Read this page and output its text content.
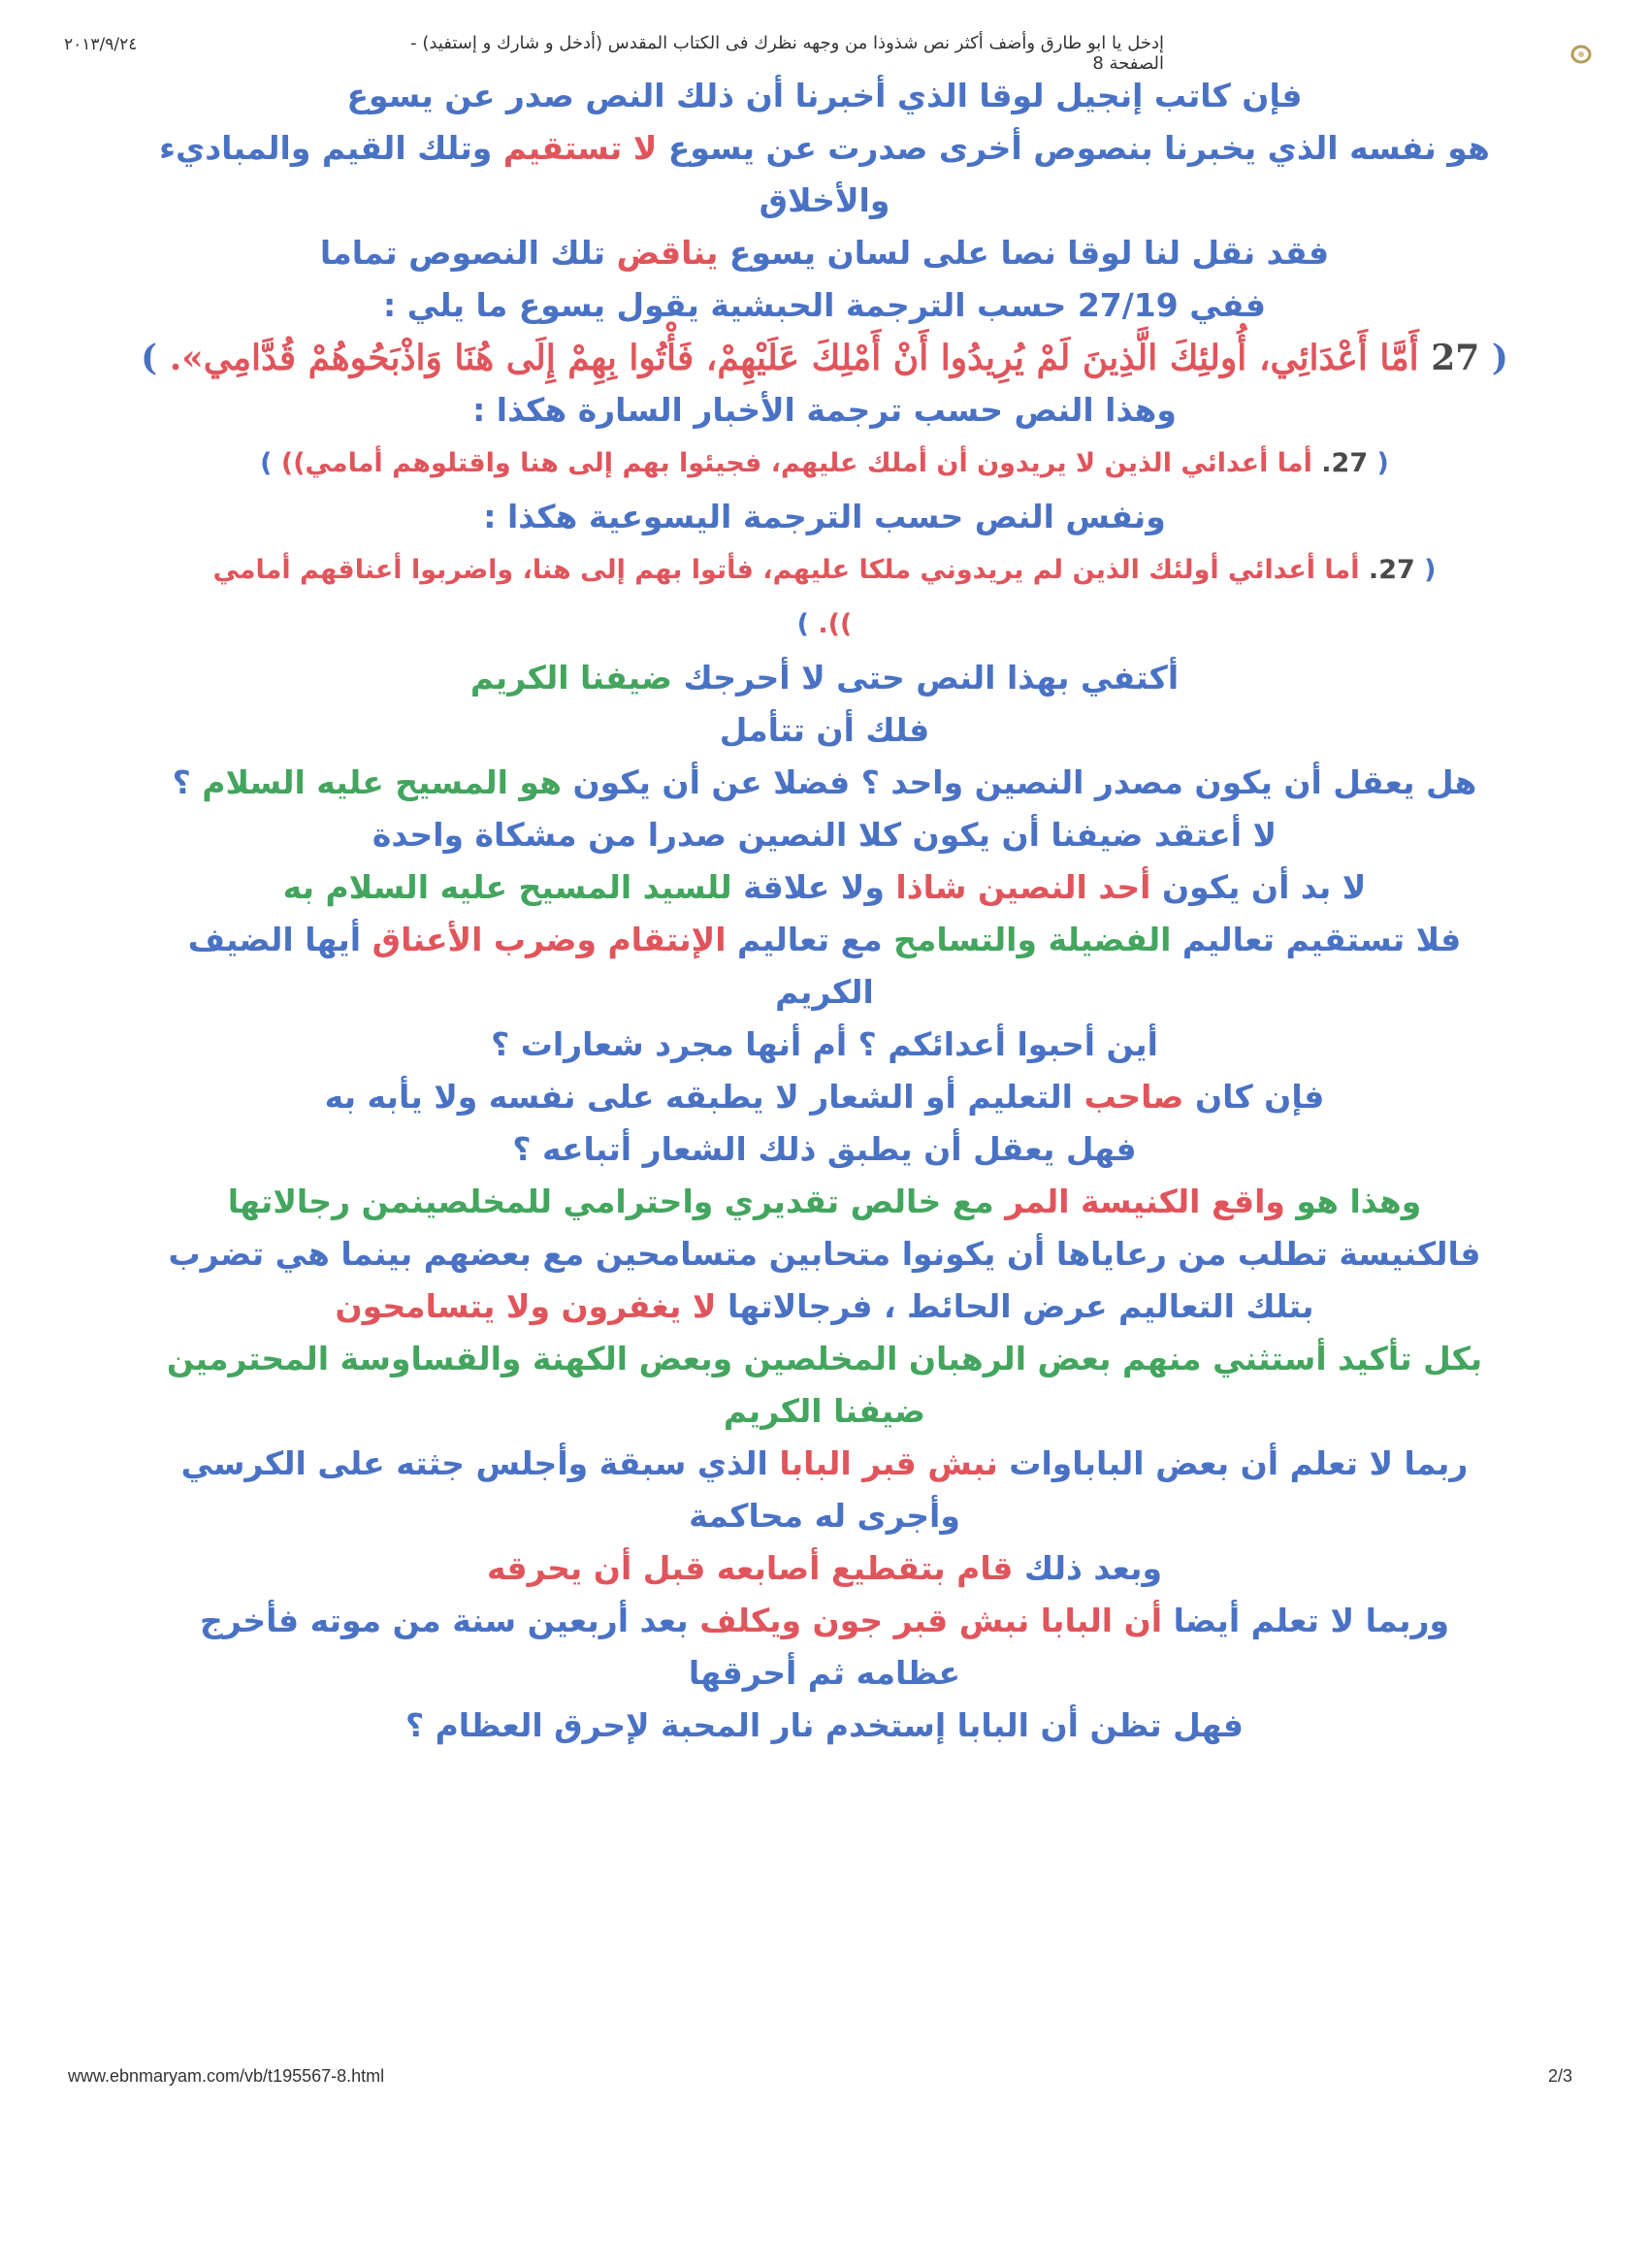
٢٠١٣/٩/٢٤	إدخل يا ابو طارق وأضف أكثر نص شذوذا من وجهه نظرك فى الكتاب المقدس (أدخل و شارك و إستفيد) - الصفحة 8
فإن كاتب إنجيل لوقا الذي أخبرنا أن ذلك النص صدر عن يسوع
هو نفسه الذي يخبرنا بنصوص أخرى صدرت عن يسوع لا تستقيم وتلك القيم والمباديء
والأخلاق
فقد نقل لنا لوقا نصا على لسان يسوع يناقض تلك النصوص تماما
ففي 27/19 حسب الترجمة الحبشية يقول يسوع ما يلي :
( 27 أَمَّا أَعْدَائِي، أُولئِكَ الَّذِينَ لَمْ يُرِيدُوا أَنْ أَمْلِكَ عَلَيْهِمْ، فَأْتُوا بِهِمْ إِلَى هُنَا وَاذْبَحُوهُمْ قُدَّامِي». )
وهذا النص حسب ترجمة الأخبار السارة هكذا :
( 27. أما أعدائي الذين لا يريدون أن أملك عليهم، فجيئوا بهم إلى هنا واقتلوهم أمامي)) )
ونفس النص حسب الترجمة اليسوعية هكذا :
( 27. أما أعدائي أولئك الذين لم يريدوني ملكا عليهم، فأتوا بهم إلى هنا، واضربوا أعناقهم أمامي
)). )
أكتفي بهذا النص حتى لا أحرجك ضيفنا الكريم
فلك أن تتأمل
هل يعقل أن يكون مصدر النصين واحد ؟ فضلا عن أن يكون هو المسيح عليه السلام ؟
لا أعتقد ضيفنا أن يكون كلا النصين صدرا من مشكاة واحدة
لا بد أن يكون أحد النصين شاذا ولا علاقة للسيد المسيح عليه السلام به
فلا تستقيم تعاليم الفضيلة والتسامح مع تعاليم الإنتقام وضرب الأعناق أيها الضيف
الكريم
أين أحبوا أعدائكم ؟ أم أنها مجرد شعارات ؟
فإن كان صاحب التعليم أو الشعار لا يطبقه على نفسه ولا يأبه به
فهل يعقل أن يطبق ذلك الشعار أتباعه ؟
وهذا هو واقع الكنيسة المر مع خالص تقديري واحترامي للمخلصينمن رجالاتها
فالكنيسة تطلب من رعاياها أن يكونوا متحابين متسامحين مع بعضهم بينما هي تضرب
بتلك التعاليم عرض الحائط ، فرجالاتها لا يغفرون ولا يتسامحون
بكل تأكيد أستثني منهم بعض الرهبان المخلصين وبعض الكهنة والقساوسة المحترمين
ضيفنا الكريم
ربما لا تعلم أن بعض الباباوات نبش قبر البابا الذي سبقة وأجلس جثته على الكرسي
وأجرى له محاكمة
وبعد ذلك قام بتقطيع أصابعه قبل أن يحرقه
وربما لا تعلم أيضا أن البابا نبش قبر جون ويكلف بعد أربعين سنة من موته فأخرج
عظامه ثم أحرقها
فهل تظن أن البابا إستخدم نار المحبة لإحرق العظام ؟
www.ebnmaryam.com/vb/t195567-8.html	2/3
